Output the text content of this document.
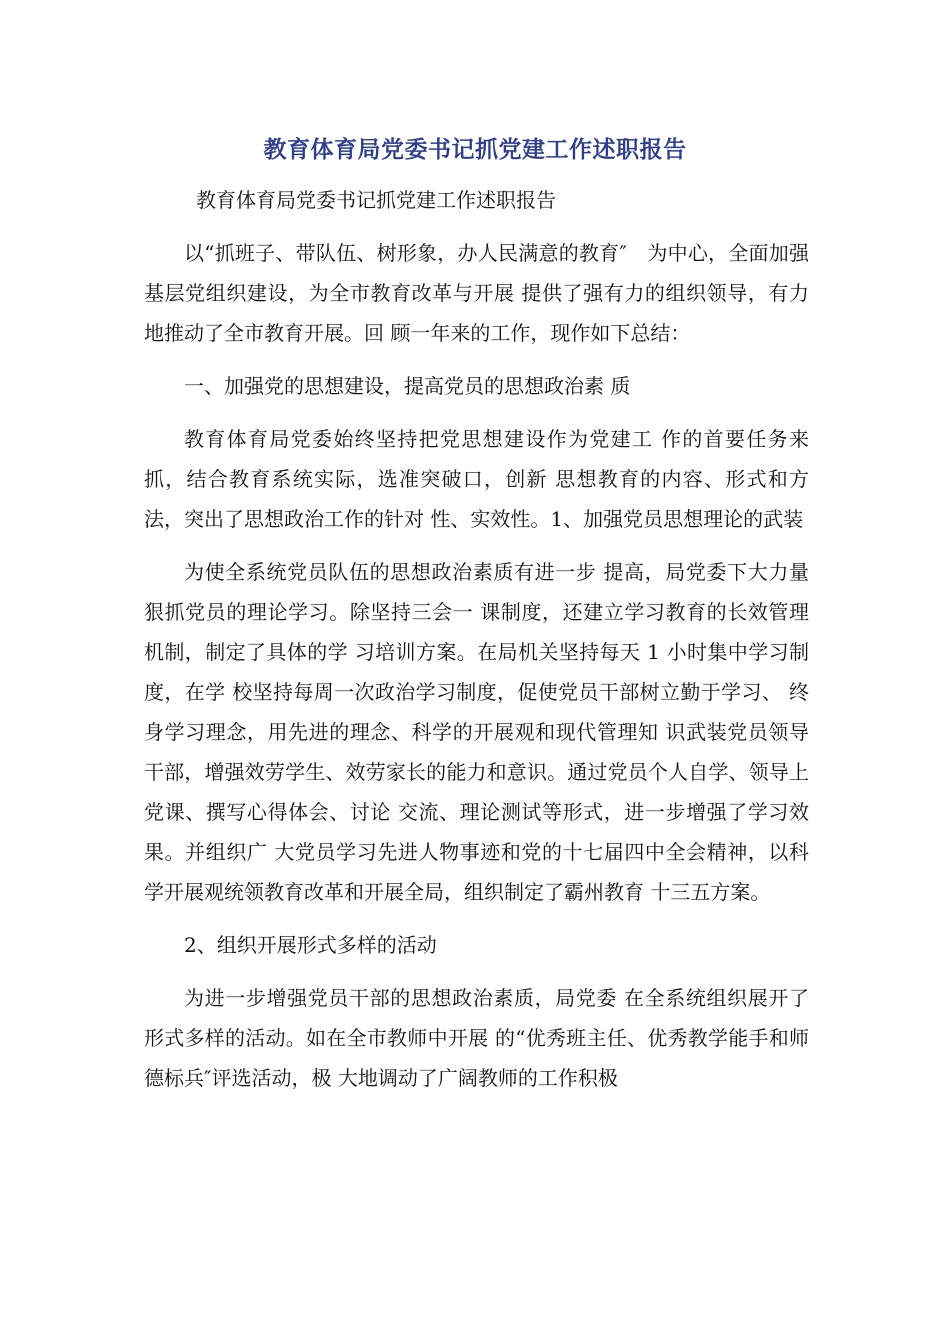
教育体育局党委书记抓党建工作述职报告

教育体育局党委书记抓党建工作述职报告

以“抓班子、带队伍、树形象，办人民满意的教育″　为中心，全面加强基层党组织建设，为全市教育改革与开展 提供了强有力的组织领导，有力地推动了全市教育开展。回 顾一年来的工作，现作如下总结：

一、加强党的思想建设，提高党员的思想政治素 质

教育体育局党委始终坚持把党思想建设作为党建工 作的首要任务来抓，结合教育系统实际，选准突破口，创新 思想教育的内容、形式和方法，突出了思想政治工作的针对 性、实效性。1、加强党员思想理论的武装

为使全系统党员队伍的思想政治素质有进一步 提高，局党委下大力量狠抓党员的理论学习。除坚持三会一 课制度，还建立学习教育的长效管理机制，制定了具体的学 习培训方案。在局机关坚持每天 1 小时集中学习制度，在学 校坚持每周一次政治学习制度，促使党员干部树立勤于学习、 终身学习理念，用先进的理念、科学的开展观和现代管理知 识武装党员领导干部，增强效劳学生、效劳家长的能力和意识。通过党员个人自学、领导上党课、撰写心得体会、讨论 交流、理论测试等形式，进一步增强了学习效果。并组织广 大党员学习先进人物事迹和党的十七届四中全会精神，以科学开展观统领教育改革和开展全局，组织制定了霸州教育 十三五方案。

2、组织开展形式多样的活动

为进一步增强党员干部的思想政治素质，局党委 在全系统组织展开了形式多样的活动。如在全市教师中开展 的“优秀班主任、优秀教学能手和师德标兵″评选活动，极 大地调动了广阔教师的工作积极
